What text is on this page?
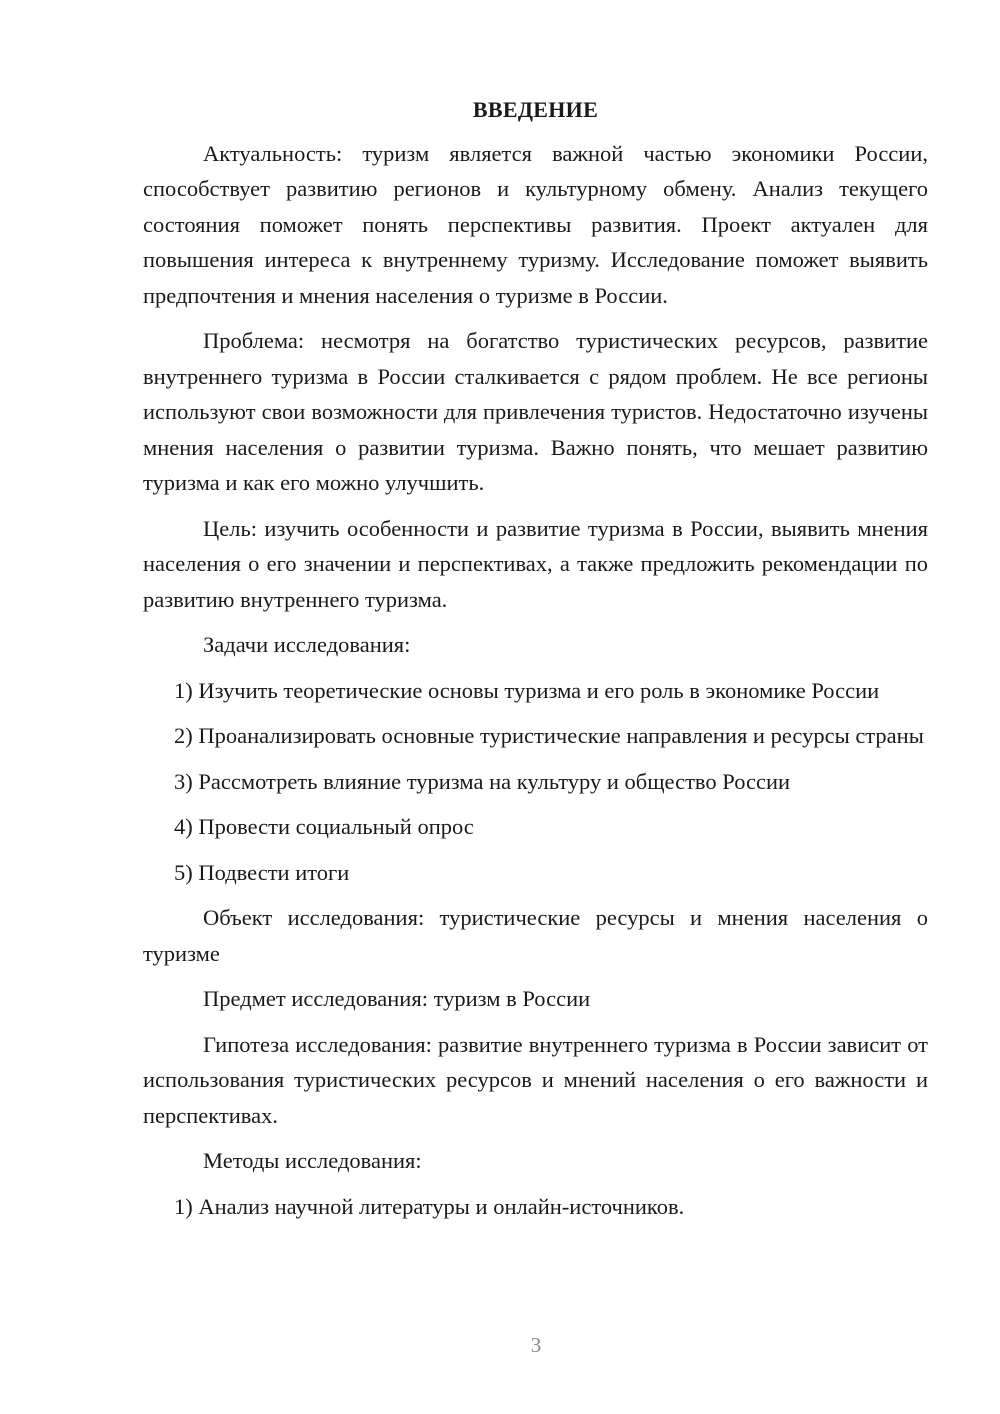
ВВЕДЕНИЕ

Актуальность: туризм является важной частью экономики России, способствует развитию регионов и культурному обмену. Анализ текущего состояния поможет понять перспективы развития. Проект актуален для повышения интереса к внутреннему туризму. Исследование поможет выявить предпочтения и мнения населения о туризме в России.

Проблема: несмотря на богатство туристических ресурсов, развитие внутреннего туризма в России сталкивается с рядом проблем. Не все регионы используют свои возможности для привлечения туристов. Недостаточно изучены мнения населения о развитии туризма. Важно понять, что мешает развитию туризма и как его можно улучшить.

Цель: изучить особенности и развитие туризма в России, выявить мнения населения о его значении и перспективах, а также предложить рекомендации по развитию внутреннего туризма.

Задачи исследования:

1) Изучить теоретические основы туризма и его роль в экономике России

2) Проанализировать основные туристические направления и ресурсы страны

3) Рассмотреть влияние туризма на культуру и общество России

4) Провести социальный опрос

5) Подвести итоги

Объект исследования: туристические ресурсы и мнения населения о туризме

Предмет исследования: туризм в России

Гипотеза исследования: развитие внутреннего туризма в России зависит от использования туристических ресурсов и мнений населения о его важности и перспективах.

Методы исследования:

1) Анализ научной литературы и онлайн-источников.

3
